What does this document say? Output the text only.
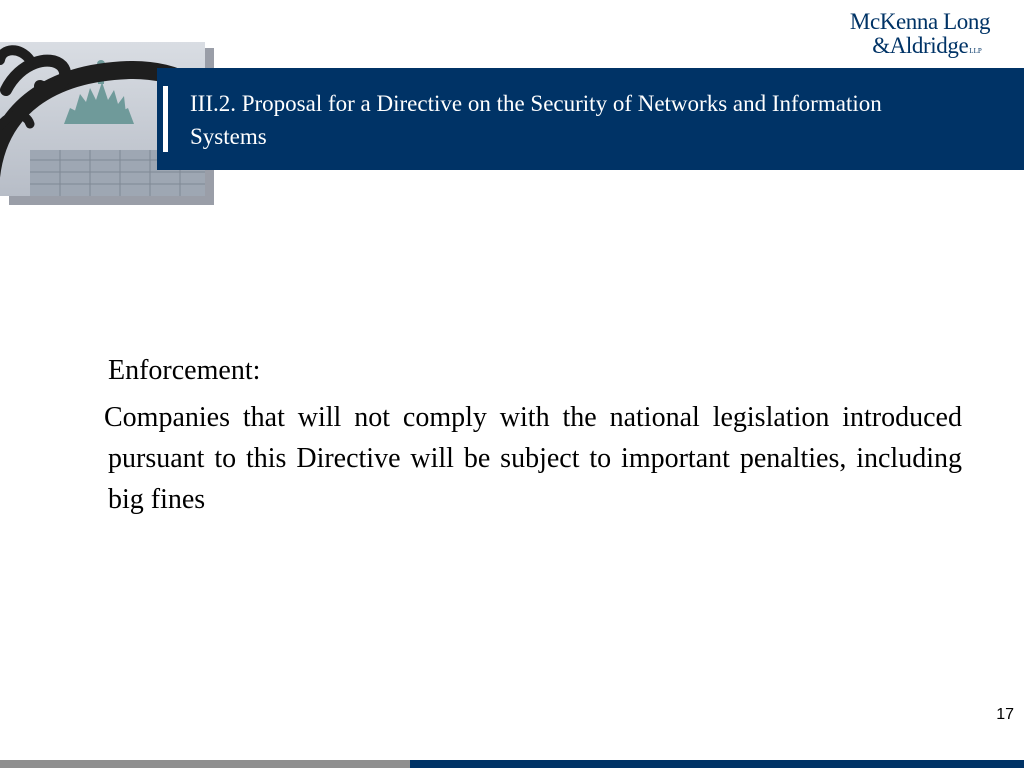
III.2. Proposal for a Directive on the Security of Networks and Information Systems
McKenna Long
&AldridgeLLP

Enforcement:

Companies that will not comply with the national legislation introduced pursuant to this Directive will be subject to important penalties, including big fines

17
